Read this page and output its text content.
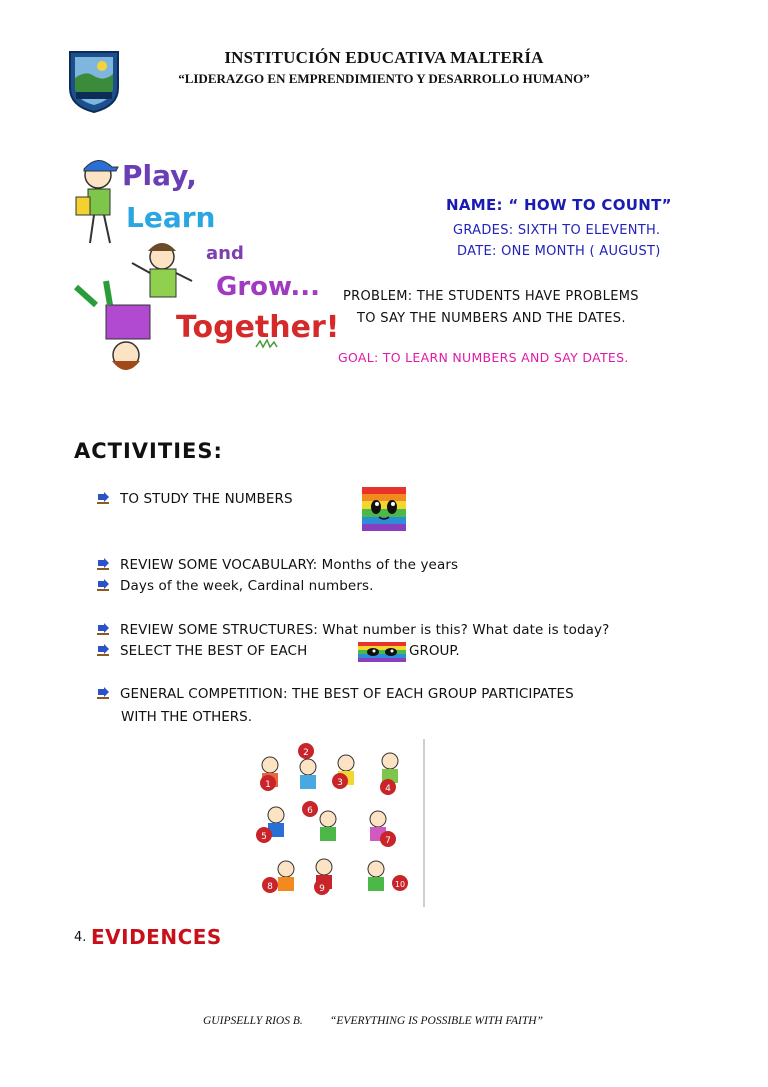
INSTITUCIÓN EDUCATIVA MALTERÍA
“LIDERAZGO EN EMPRENDIMIENTO Y DESARROLLO HUMANO”
Play,
Learn
and
Grow...
Together!
NAME: “ HOW TO COUNT”
GRADES: SIXTH TO ELEVENTH.
DATE: ONE MONTH ( AUGUST)
PROBLEM: THE STUDENTS HAVE PROBLEMS
TO SAY THE NUMBERS AND THE DATES.
GOAL: TO LEARN NUMBERS AND SAY DATES.
ACTIVITIES:
TO STUDY THE NUMBERS
REVIEW SOME VOCABULARY: Months of the years
Days of the week, Cardinal numbers.
REVIEW SOME STRUCTURES: What number is this? What date is today?
SELECT THE BEST OF EACH	GROUP.
GENERAL COMPETITION: THE BEST OF EACH GROUP PARTICIPATES
WITH THE OTHERS.
1
2
3
4
5
6
7
8	9	10
4. EVIDENCES
GUIPSELLY RIOS B. “EVERYTHING IS POSSIBLE WITH FAITH”
